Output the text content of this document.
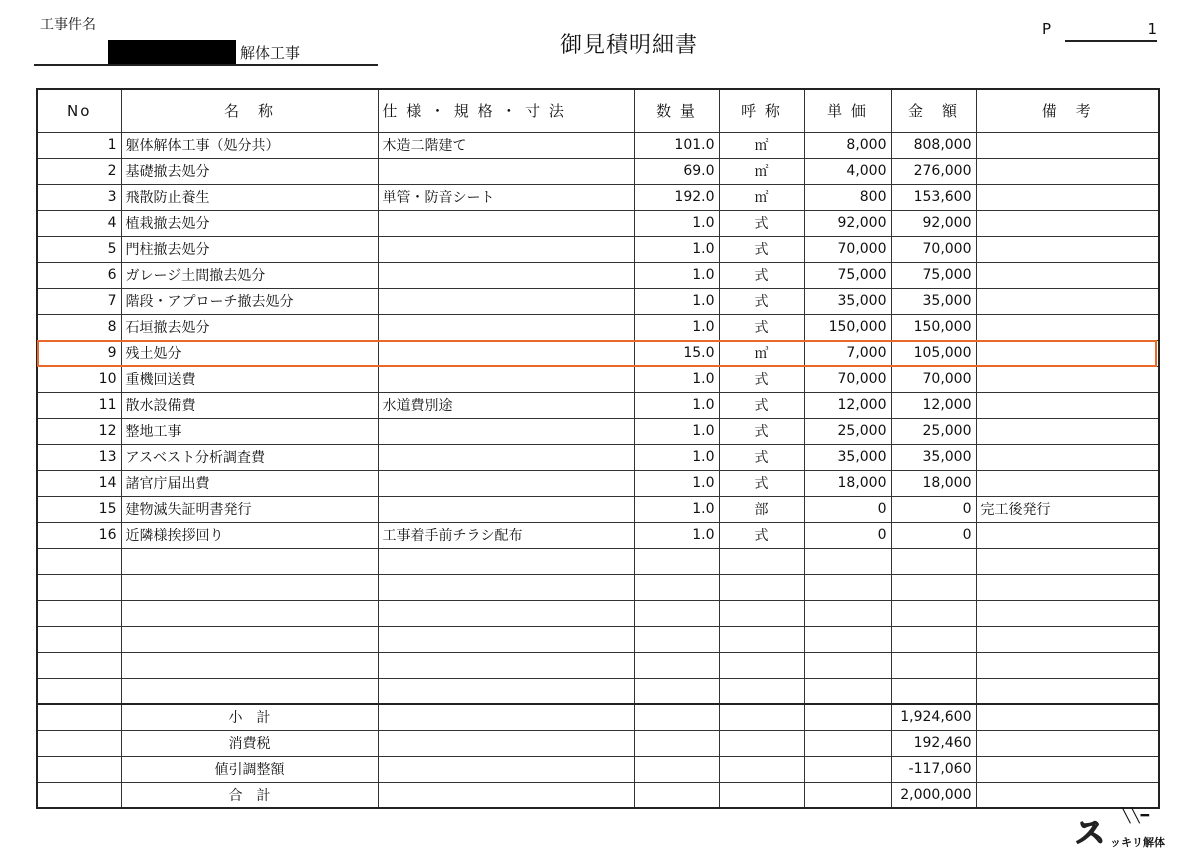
工事件名
解体工事	御見積明細書
P	1
No	名　称	仕 様 ・ 規 格 ・ 寸 法	数 量	呼 称	単 価	金　額	備　考
1	躯体解体工事（処分共）	木造二階建て	101.0	㎡	8,000	808,000	
2	基礎撤去処分		69.0	㎡	4,000	276,000	
3	飛散防止養生	単管・防音シート	192.0	㎡	800	153,600	
4	植栽撤去処分		1.0	式	92,000	92,000	
5	門柱撤去処分		1.0	式	70,000	70,000	
6	ガレージ土間撤去処分		1.0	式	75,000	75,000	
7	階段・アプローチ撤去処分		1.0	式	35,000	35,000	
8	石垣撤去処分		1.0	式	150,000	150,000	
9	残土処分		15.0	㎥	7,000	105,000	
10	重機回送費		1.0	式	70,000	70,000	
11	散水設備費	水道費別途	1.0	式	12,000	12,000	
12	整地工事		1.0	式	25,000	25,000	
13	アスベスト分析調査費		1.0	式	35,000	35,000	
14	諸官庁届出費		1.0	式	18,000	18,000	
15	建物滅失証明書発行		1.0	部	0	0	完工後発行
16	近隣様挨拶回り	工事着手前チラシ配布	1.0	式	0	0	

	小　計					1,924,600	
	消費税					192,460	
	値引調整額					-117,060	
	合　計					2,000,000	
ス ╲ ╲ ━
ッキリ解体
